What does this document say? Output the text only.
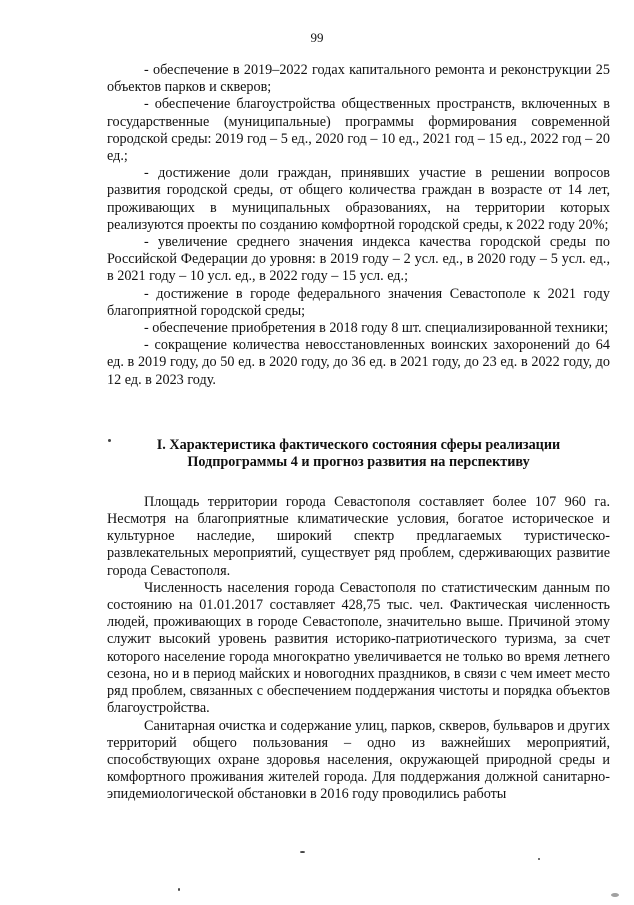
99

- обеспечение в 2019–2022 годах капитального ремонта и реконструкции 25 объектов парков и скверов;

- обеспечение благоустройства общественных пространств, включенных в государственные (муниципальные) программы формирования современной городской среды: 2019 год – 5 ед., 2020 год – 10 ед., 2021 год – 15 ед., 2022 год – 20 ед.;

- достижение доли граждан, принявших участие в решении вопросов развития городской среды, от общего количества граждан в возрасте от 14 лет, проживающих в муниципальных образованиях, на территории которых реализуются проекты по созданию комфортной городской среды, к 2022 году 20%;

- увеличение среднего значения индекса качества городской среды по Российской Федерации до уровня: в 2019 году – 2 усл. ед., в 2020 году – 5 усл. ед., в 2021 году – 10 усл. ед., в 2022 году – 15 усл. ед.;

- достижение в городе федерального значения Севастополе к 2021 году благоприятной городской среды;

- обеспечение приобретения в 2018 году 8 шт. специализированной техники;

- сокращение количества невосстановленных воинских захоронений до 64 ед. в 2019 году, до 50 ед. в 2020 году, до 36 ед. в 2021 году, до 23 ед. в 2022 году, до 12 ед. в 2023 году.

I. Характеристика фактического состояния сферы реализации
Подпрограммы 4 и прогноз развития на перспективу

Площадь территории города Севастополя составляет более 107 960 га. Несмотря на благоприятные климатические условия, богатое историческое и культурное наследие, широкий спектр предлагаемых туристическо-развлекательных мероприятий, существует ряд проблем, сдерживающих развитие города Севастополя.

Численность населения города Севастополя по статистическим данным по состоянию на 01.01.2017 составляет 428,75 тыс. чел. Фактическая численность людей, проживающих в городе Севастополе, значительно выше. Причиной этому служит высокий уровень развития историко-патриотического туризма, за счет которого население города многократно увеличивается не только во время летнего сезона, но и в период майских и новогодних праздников, в связи с чем имеет место ряд проблем, связанных с обеспечением поддержания чистоты и порядка объектов благоустройства.

Санитарная очистка и содержание улиц, парков, скверов, бульваров и других территорий общего пользования – одно из важнейших мероприятий, способствующих охране здоровья населения, окружающей природной среды и комфортного проживания жителей города. Для поддержания должной санитарно-эпидемиологической обстановки в 2016 году проводились работы
